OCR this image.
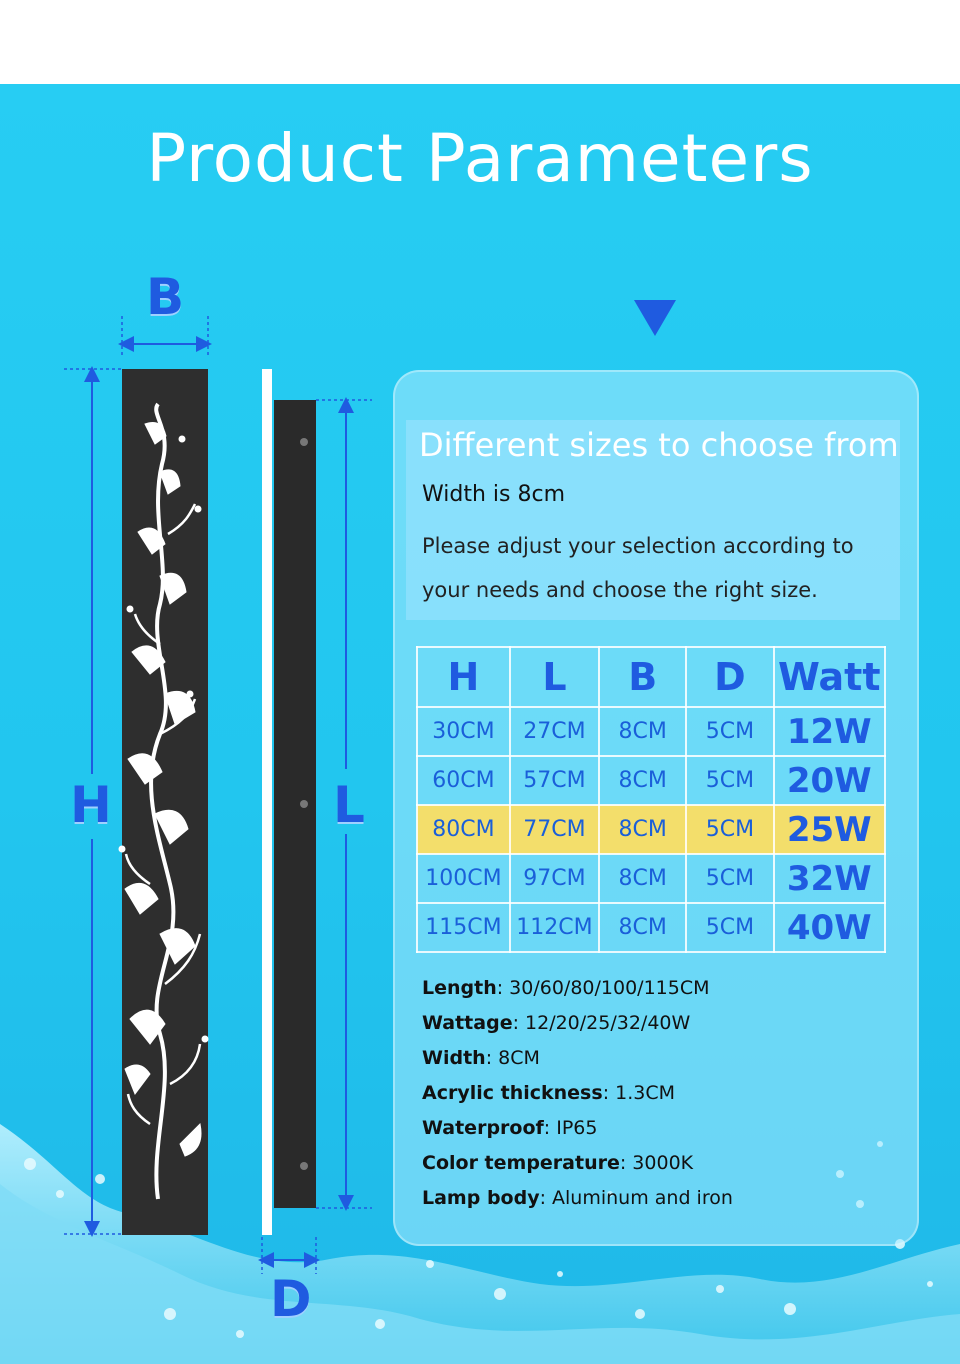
Product Parameters
B
H	L
D
Different sizes to choose from
Width is 8cm
Please adjust your selection according to your needs and choose the right size.
H	L	B	D	Watt
30CM	27CM	8CM	5CM	12W
60CM	57CM	8CM	5CM	20W
80CM	77CM	8CM	5CM	25W
100CM	97CM	8CM	5CM	32W
115CM	112CM	8CM	5CM	40W
Length: 30/60/80/100/115CM
Wattage: 12/20/25/32/40W
Width: 8CM
Acrylic thickness: 1.3CM
Waterproof: IP65
Color temperature: 3000K
Lamp body: Aluminum and iron
